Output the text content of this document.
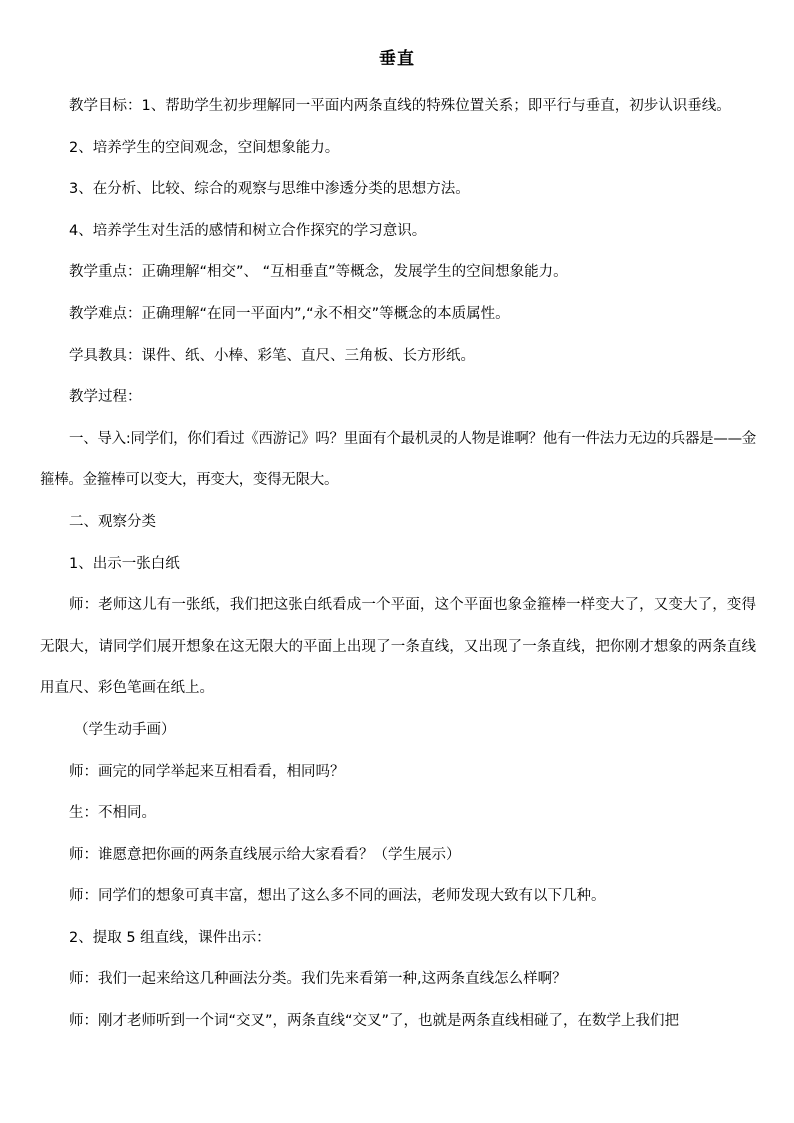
垂直

教学目标：1、帮助学生初步理解同一平面内两条直线的特殊位置关系；即平行与垂直，初步认识垂线。

2、培养学生的空间观念，空间想象能力。

3、在分析、比较、综合的观察与思维中渗透分类的思想方法。

4、培养学生对生活的感情和树立合作探究的学习意识。

教学重点：正确理解“相交”、 “互相垂直”等概念，发展学生的空间想象能力。

教学难点：正确理解“在同一平面内”,“永不相交”等概念的本质属性。

学具教具：课件、纸、小棒、彩笔、直尺、三角板、长方形纸。

教学过程：

一、导入:同学们，你们看过《西游记》吗？里面有个最机灵的人物是谁啊？他有一件法力无边的兵器是——金箍棒。金箍棒可以变大，再变大，变得无限大。

二、观察分类

1、出示一张白纸

师：老师这儿有一张纸，我们把这张白纸看成一个平面，这个平面也象金箍棒一样变大了，又变大了，变得无限大，请同学们展开想象在这无限大的平面上出现了一条直线，又出现了一条直线，把你刚才想象的两条直线用直尺、彩色笔画在纸上。

（学生动手画）

师：画完的同学举起来互相看看，相同吗？

生：不相同。

师：谁愿意把你画的两条直线展示给大家看看？（学生展示）

师：同学们的想象可真丰富，想出了这么多不同的画法，老师发现大致有以下几种。

2、提取 5 组直线，课件出示：

师：我们一起来给这几种画法分类。我们先来看第一种,这两条直线怎么样啊？

师：刚才老师听到一个词“交叉”，两条直线“交叉”了，也就是两条直线相碰了，在数学上我们把
